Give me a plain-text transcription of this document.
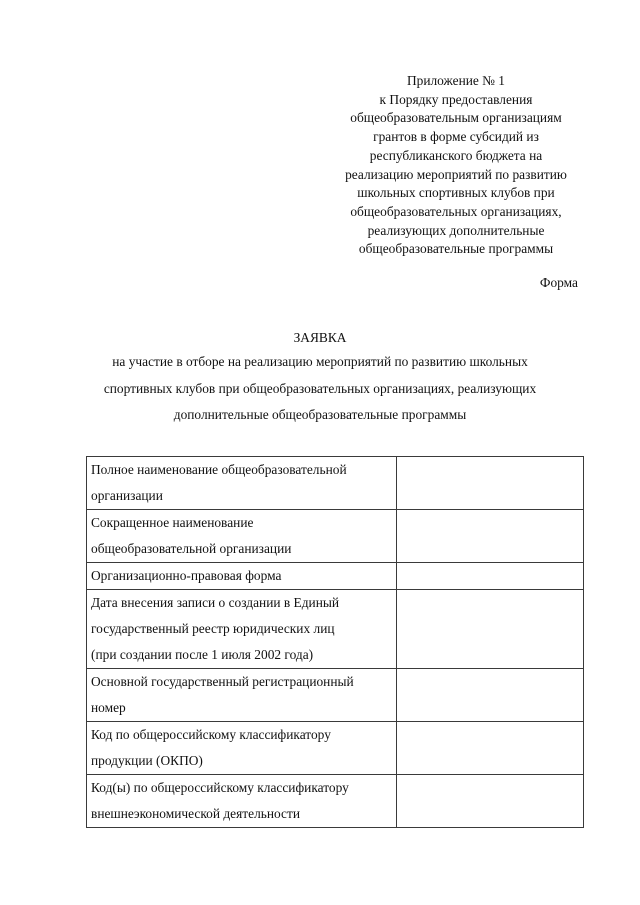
Приложение № 1
к Порядку предоставления
общеобразовательным организациям
грантов в форме субсидий из
республиканского бюджета на
реализацию мероприятий по развитию
школьных спортивных клубов при
общеобразовательных организациях,
реализующих дополнительные
общеобразовательные программы
Форма
ЗАЯВКА
на участие в отборе на реализацию мероприятий по развитию школьных
спортивных клубов при общеобразовательных организациях, реализующих
дополнительные общеобразовательные программы
Полное наименование общеобразовательной
организации	

Сокращенное наименование
общеобразовательной организации	

Организационно-правовая форма	

Дата внесения записи о создании в Единый
государственный реестр юридических лиц
(при создании после 1 июля 2002 года)	

Основной государственный регистрационный
номер	

Код по общероссийскому классификатору
продукции (ОКПО)	

Код(ы) по общероссийскому классификатору
внешнеэкономической деятельности	
